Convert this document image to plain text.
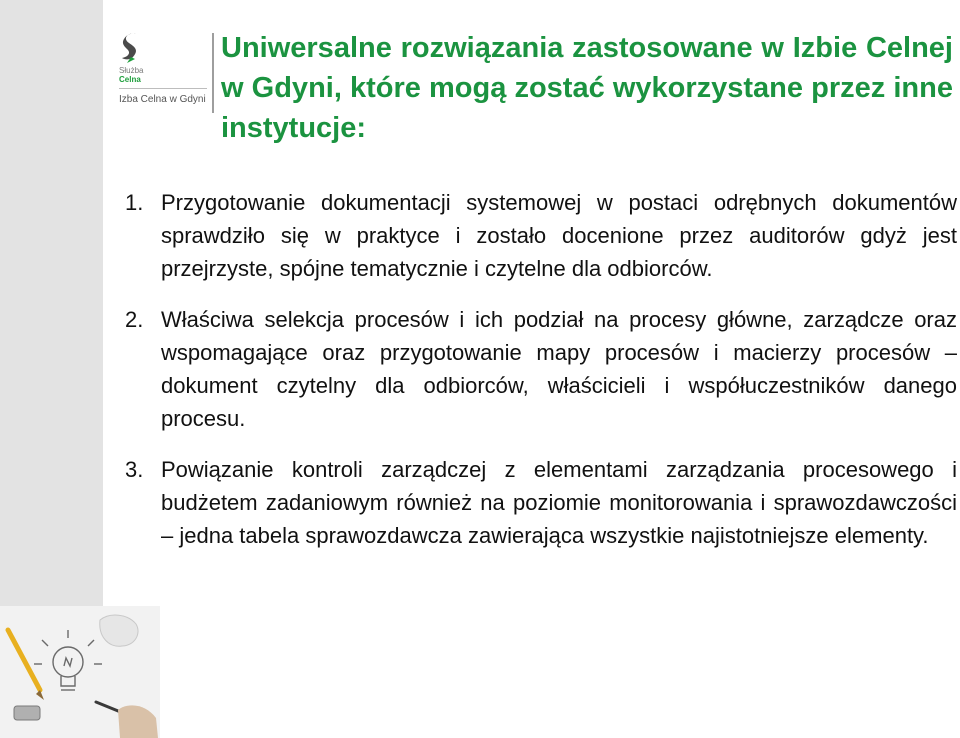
Służba
Celna
Izba Celna w Gdyni
Uniwersalne rozwiązania zastosowane w Izbie Celnej w Gdyni, które mogą zostać wykorzystane przez inne instytucje:
1. Przygotowanie dokumentacji systemowej w postaci odrębnych dokumentów sprawdziło się w praktyce i zostało docenione przez auditorów gdyż jest przejrzyste, spójne tematycznie i czytelne dla odbiorców.
2. Właściwa selekcja procesów i ich podział na procesy główne, zarządcze oraz wspomagające oraz przygotowanie mapy procesów i macierzy procesów – dokument czytelny dla odbiorców, właścicieli i współuczestników danego procesu.
3. Powiązanie kontroli zarządczej z elementami zarządzania procesowego i budżetem zadaniowym również na poziomie monitorowania i sprawozdawczości – jedna tabela sprawozdawcza zawierająca wszystkie najistotniejsze elementy.
